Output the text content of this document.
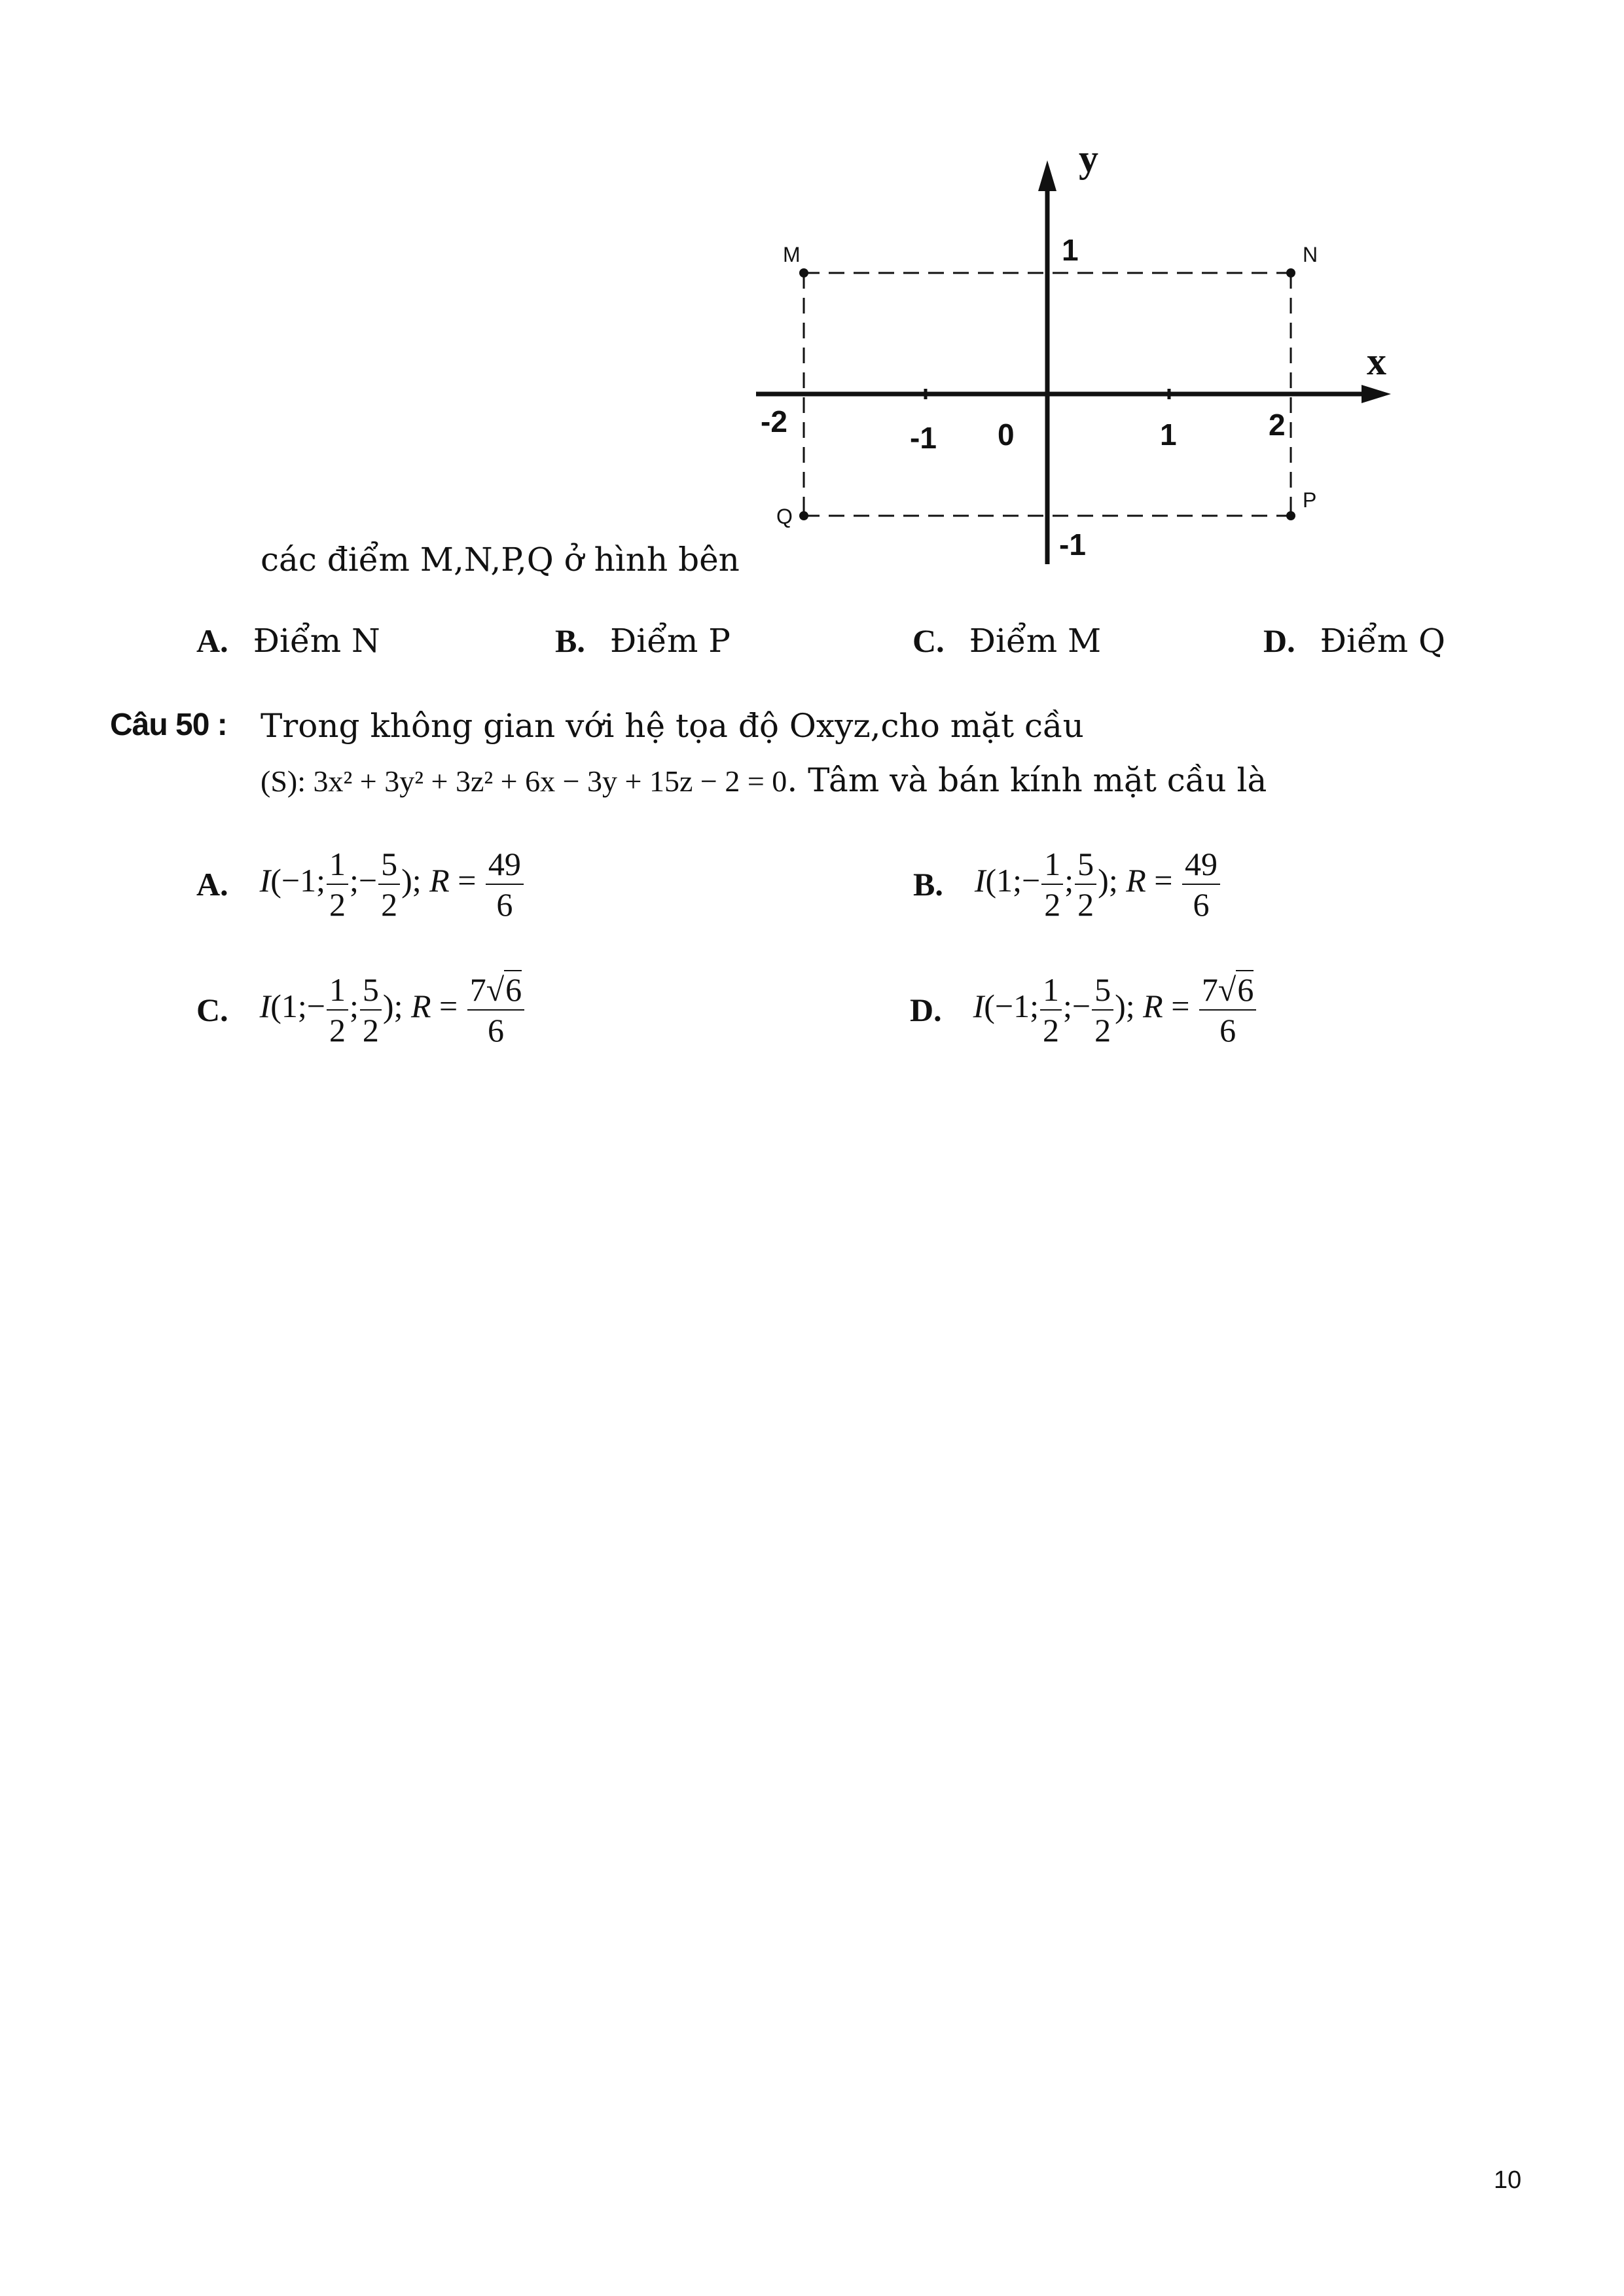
y
x
M	N
P
Q
-2	-1 0	1	2
1
-1
các điểm M,N,P,Q ở hình bên
A. Điểm N	B. Điểm P	C. Điểm M	D. Điểm Q
Câu 50 : Trong không gian với hệ tọa độ Oxyz,cho mặt cầu
(S): 3x² + 3y² + 3z² + 6x − 3y + 15z − 2 = 0. Tâm và bán kính mặt cầu là
A. I(−1; $\frac{1}{2}$ ;− $\frac{5}{2}$ ); $R = \frac{49}{6}$	B. I(1;− $\frac{1}{2}$ ; $\frac{5}{2}$ ); $R = \frac{49}{6}$
C. I(1;− $\frac{1}{2}$ ; $\frac{5}{2}$ ); $R = \frac{7√6}{6}$	D. I(−1; $\frac{1}{2}$ ;− $\frac{5}{2}$ ); $R = \frac{7√6}{6}$
10
